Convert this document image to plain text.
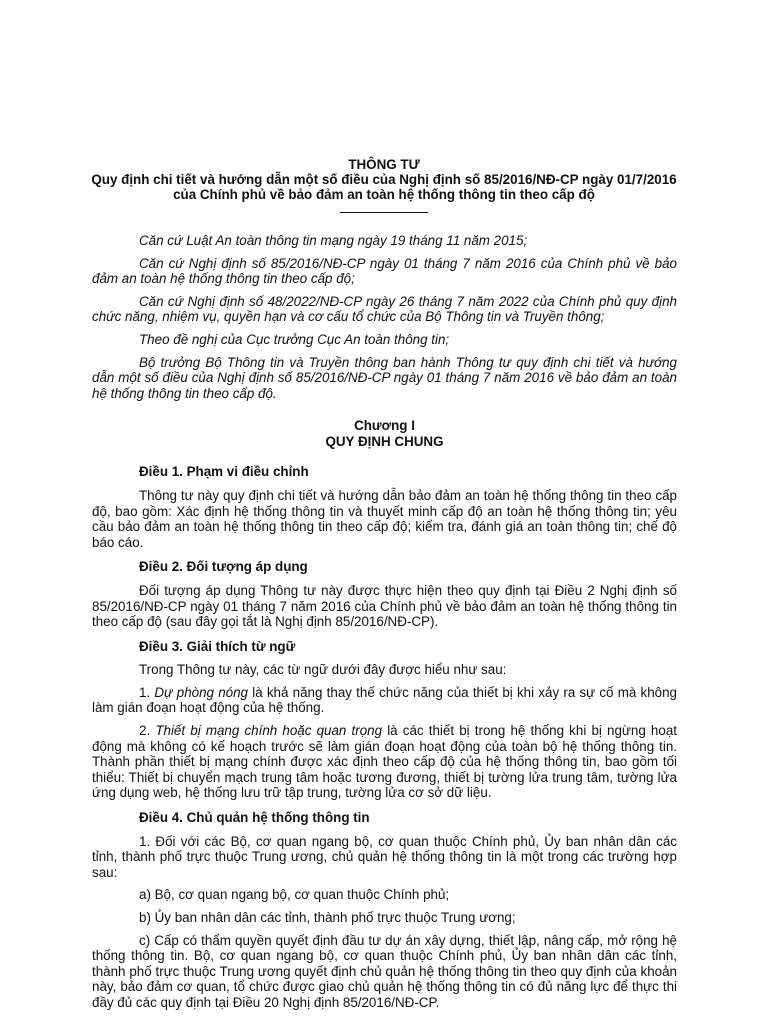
THÔNG TƯ
Quy định chi tiết và hướng dẫn một số điều của Nghị định số 85/2016/NĐ-CP ngày 01/7/2016
của Chính phủ về bảo đảm an toàn hệ thống thông tin theo cấp độ

Căn cứ Luật An toàn thông tin mạng ngày 19 tháng 11 năm 2015;

Căn cứ Nghị định số 85/2016/NĐ-CP ngày 01 tháng 7 năm 2016 của Chính phủ về bảo đảm an toàn hệ thống thông tin theo cấp độ;

Căn cứ Nghị định số 48/2022/NĐ-CP ngày 26 tháng 7 năm 2022 của Chính phủ quy định chức năng, nhiệm vụ, quyền hạn và cơ cấu tổ chức của Bộ Thông tin và Truyền thông;

Theo đề nghị của Cục trưởng Cục An toàn thông tin;

Bộ trưởng Bộ Thông tin và Truyền thông ban hành Thông tư quy định chi tiết và hướng dẫn một số điều của Nghị định số 85/2016/NĐ-CP ngày 01 tháng 7 năm 2016 về bảo đảm an toàn hệ thống thông tin theo cấp độ.

Chương I
QUY ĐỊNH CHUNG
Điều 1. Phạm vi điều chỉnh

Thông tư này quy định chi tiết và hướng dẫn bảo đảm an toàn hệ thống thông tin theo cấp độ, bao gồm: Xác định hệ thống thông tin và thuyết minh cấp độ an toàn hệ thống thông tin; yêu cầu bảo đảm an toàn hệ thống thông tin theo cấp độ; kiểm tra, đánh giá an toàn thông tin; chế độ báo cáo.

Điều 2. Đối tượng áp dụng

Đối tượng áp dụng Thông tư này được thực hiện theo quy định tại Điều 2 Nghị định số 85/2016/NĐ-CP ngày 01 tháng 7 năm 2016 của Chính phủ về bảo đảm an toàn hệ thống thông tin theo cấp độ (sau đây gọi tắt là Nghị định 85/2016/NĐ-CP).

Điều 3. Giải thích từ ngữ

Trong Thông tư này, các từ ngữ dưới đây được hiểu như sau:

1. Dự phòng nóng là khả năng thay thế chức năng của thiết bị khi xảy ra sự cố mà không làm gián đoạn hoạt động của hệ thống.

2. Thiết bị mạng chính hoặc quan trọng là các thiết bị trong hệ thống khi bị ngừng hoạt động mà không có kế hoạch trước sẽ làm gián đoạn hoạt động của toàn bộ hệ thống thông tin. Thành phần thiết bị mạng chính được xác định theo cấp độ của hệ thống thông tin, bao gồm tối thiểu: Thiết bị chuyển mạch trung tâm hoặc tương đương, thiết bị tường lửa trung tâm, tường lửa ứng dụng web, hệ thống lưu trữ tập trung, tường lửa cơ sở dữ liệu.

Điều 4. Chủ quản hệ thống thông tin

1. Đối với các Bộ, cơ quan ngang bộ, cơ quan thuộc Chính phủ, Ủy ban nhân dân các tỉnh, thành phố trực thuộc Trung ương, chủ quản hệ thống thông tin là một trong các trường hợp sau:

a) Bộ, cơ quan ngang bộ, cơ quan thuộc Chính phủ;

b) Ủy ban nhân dân các tỉnh, thành phố trực thuộc Trung ương;

c) Cấp có thẩm quyền quyết định đầu tư dự án xây dựng, thiết lập, nâng cấp, mở rộng hệ thống thông tin. Bộ, cơ quan ngang bộ, cơ quan thuộc Chính phủ, Ủy ban nhân dân các tỉnh, thành phố trực thuộc Trung ương quyết định chủ quản hệ thống thông tin theo quy định của khoản này, bảo đảm cơ quan, tổ chức được giao chủ quản hệ thống thông tin có đủ năng lực để thực thi đầy đủ các quy định tại Điều 20 Nghị định 85/2016/NĐ-CP.
